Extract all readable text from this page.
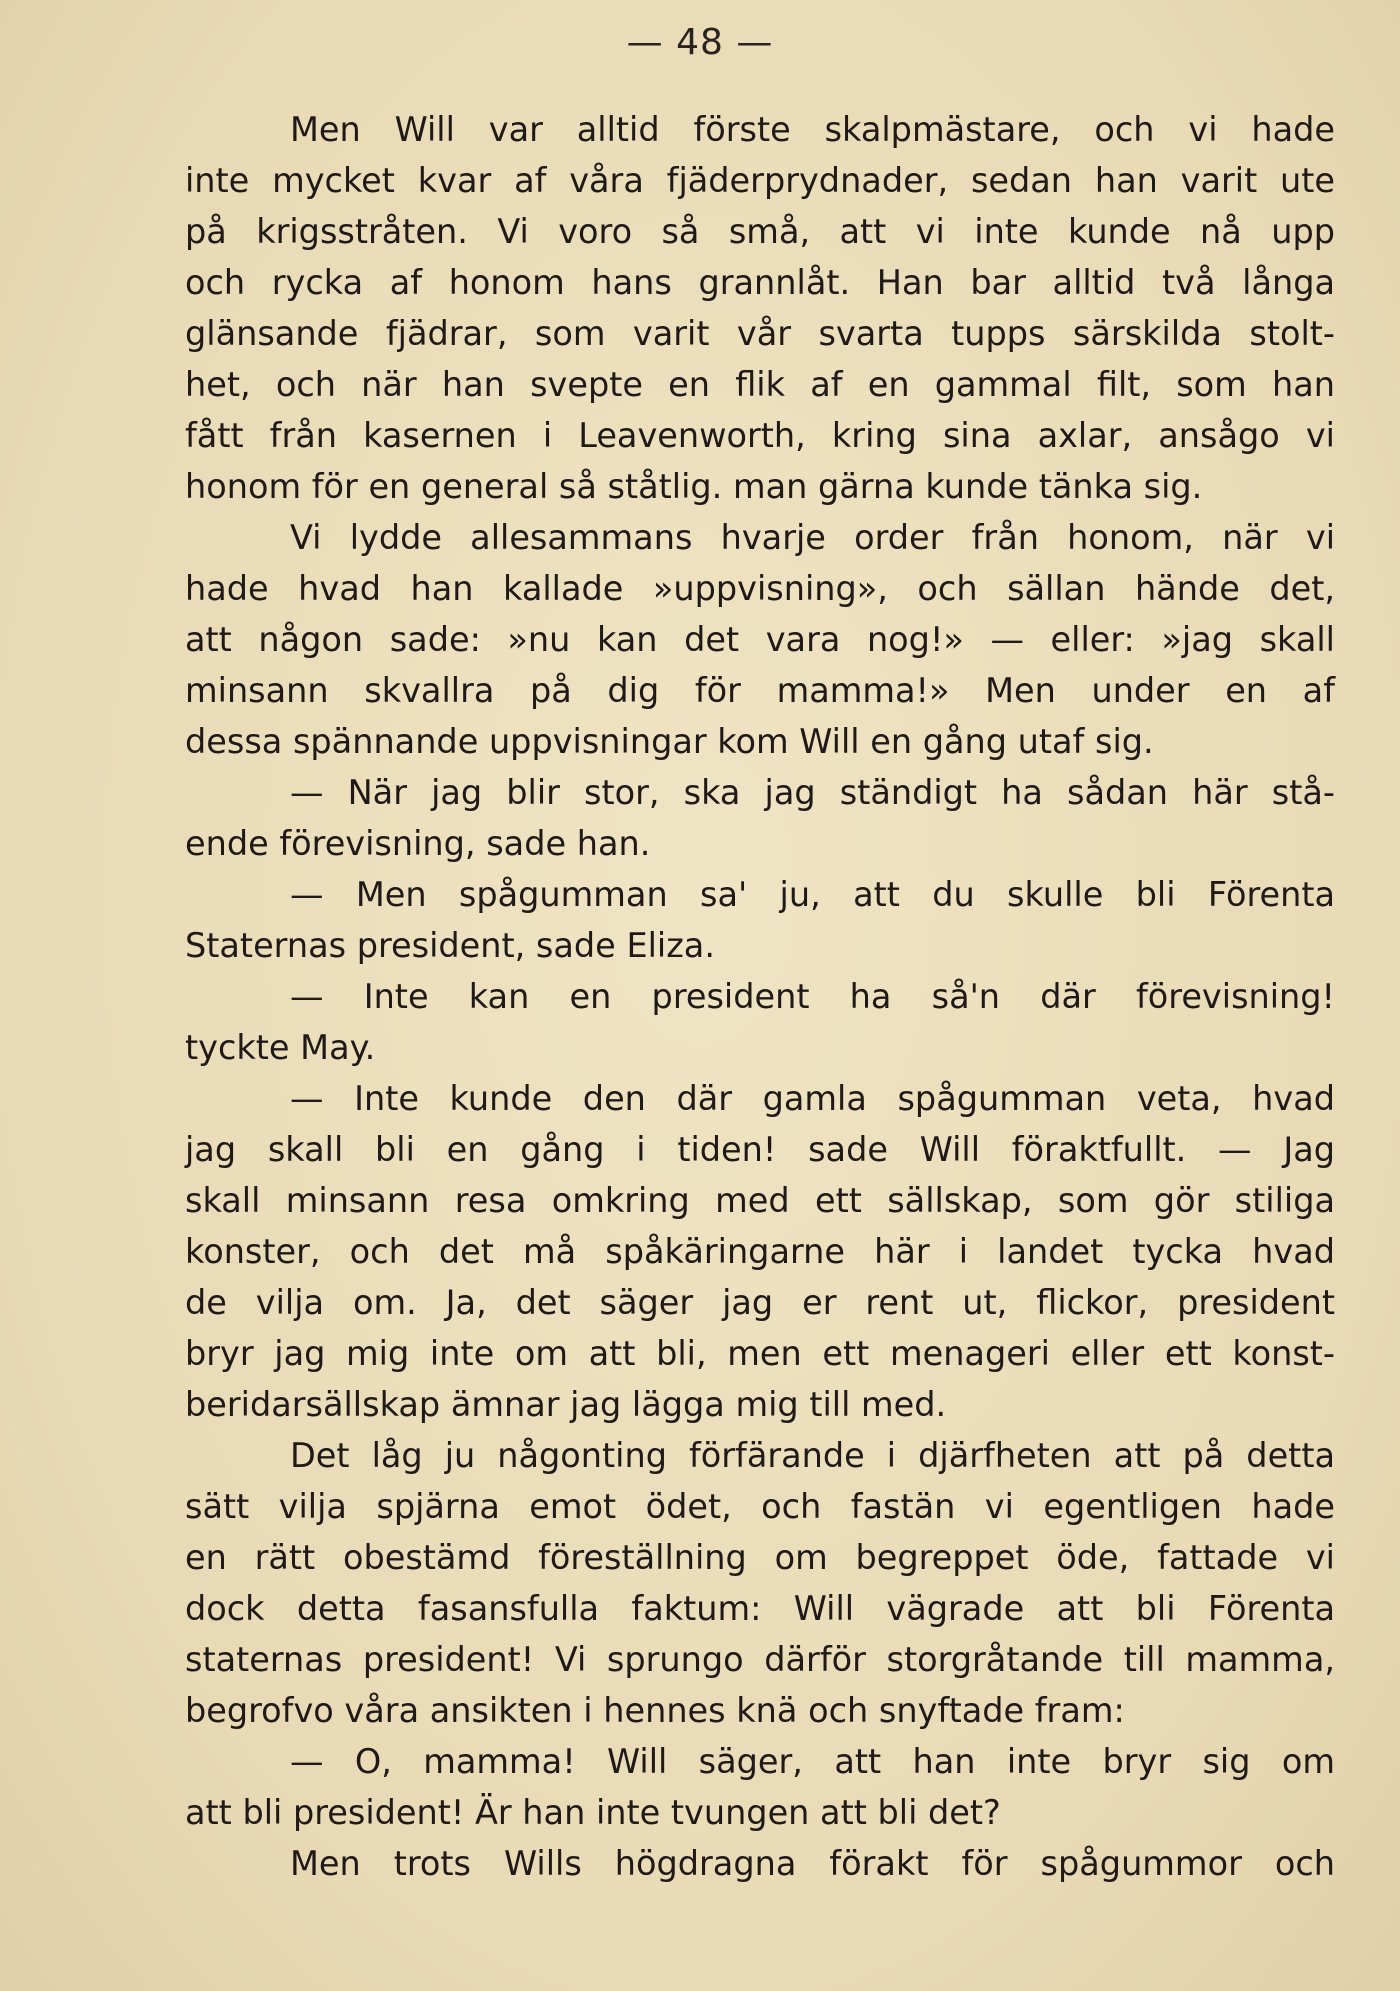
— 48 —
Men Will var alltid förste skalpmästare, och vi hade
inte mycket kvar af våra fjäderprydnader, sedan han varit ute
på krigsstråten. Vi voro så små, att vi inte kunde nå upp
och rycka af honom hans grannlåt. Han bar alltid två långa
glänsande fjädrar, som varit vår svarta tupps särskilda stolt-
het, och när han svepte en flik af en gammal filt, som han
fått från kasernen i Leavenworth, kring sina axlar, ansågo vi
honom för en general så ståtlig. man gärna kunde tänka sig.
Vi lydde allesammans hvarje order från honom, när vi
hade hvad han kallade »uppvisning», och sällan hände det,
att någon sade: »nu kan det vara nog!» — eller: »jag skall
minsann skvallra på dig för mamma!» Men under en af
dessa spännande uppvisningar kom Will en gång utaf sig.
— När jag blir stor, ska jag ständigt ha sådan här stå-
ende förevisning, sade han.
— Men spågumman sa' ju, att du skulle bli Förenta
Staternas president, sade Eliza.
— Inte kan en president ha så'n där förevisning!
tyckte May.
— Inte kunde den där gamla spågumman veta, hvad
jag skall bli en gång i tiden! sade Will föraktfullt. — Jag
skall minsann resa omkring med ett sällskap, som gör stiliga
konster, och det må spåkäringarne här i landet tycka hvad
de vilja om. Ja, det säger jag er rent ut, flickor, president
bryr jag mig inte om att bli, men ett menageri eller ett konst-
beridarsällskap ämnar jag lägga mig till med.
Det låg ju någonting förfärande i djärfheten att på detta
sätt vilja spjärna emot ödet, och fastän vi egentligen hade
en rätt obestämd föreställning om begreppet öde, fattade vi
dock detta fasansfulla faktum: Will vägrade att bli Förenta
staternas president! Vi sprungo därför storgråtande till mamma,
begrofvo våra ansikten i hennes knä och snyftade fram:
— O, mamma! Will säger, att han inte bryr sig om
att bli president! Är han inte tvungen att bli det?
Men trots Wills högdragna förakt för spågummor och
